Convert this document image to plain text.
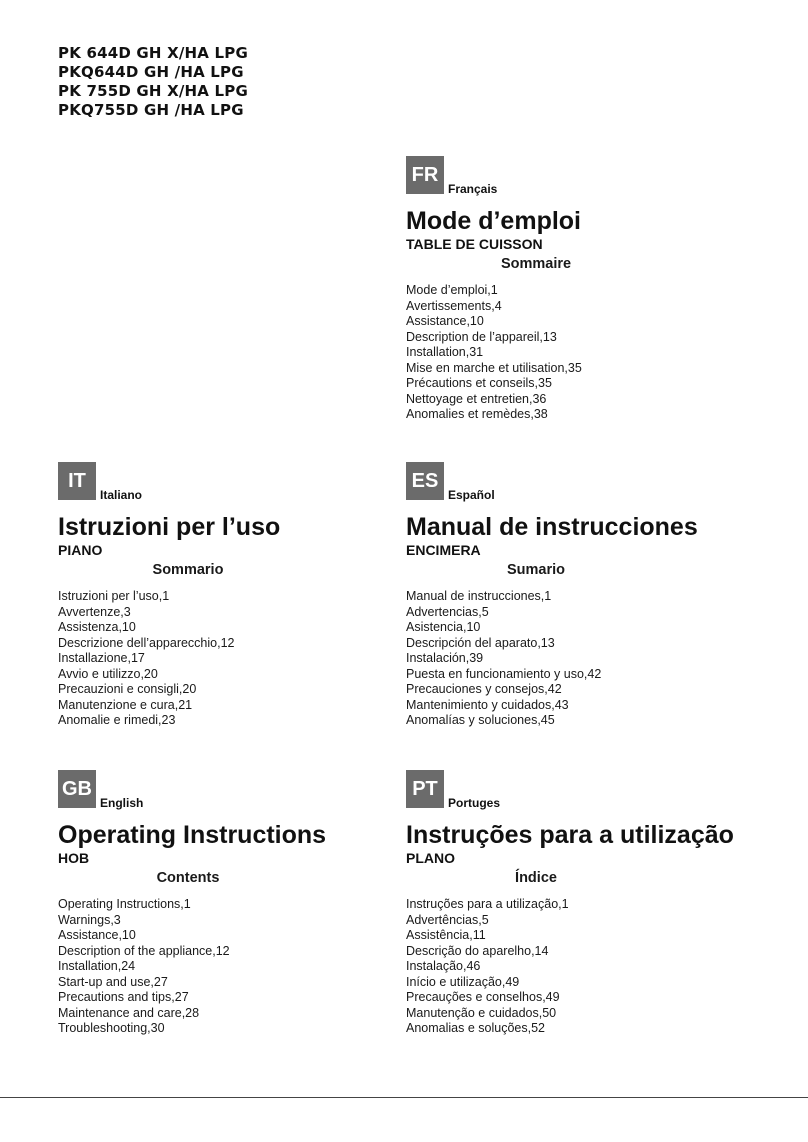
PK 644D GH X/HA LPG
PKQ644D GH /HA LPG
PK 755D GH X/HA LPG
PKQ755D GH /HA LPG
FR
Français
Mode d’emploi
TABLE DE CUISSON
Sommaire
Mode d’emploi,1
Avertissements,4
Assistance,10
Description de l’appareil,13
Installation,31
Mise en marche et utilisation,35
Précautions et conseils,35
Nettoyage et entretien,36
Anomalies et remèdes,38
IT
Italiano
Istruzioni per l’uso
PIANO
Sommario
Istruzioni per l’uso,1
Avvertenze,3
Assistenza,10
Descrizione dell’apparecchio,12
Installazione,17
Avvio e utilizzo,20
Precauzioni e consigli,20
Manutenzione e cura,21
Anomalie e rimedi,23
ES
Español
Manual de instrucciones
ENCIMERA
Sumario
Manual de instrucciones,1
Advertencias,5
Asistencia,10
Descripción del aparato,13
Instalación,39
Puesta en funcionamiento y uso,42
Precauciones y consejos,42
Mantenimiento y cuidados,43
Anomalías y soluciones,45
GB
English
Operating Instructions
HOB
Contents
Operating Instructions,1
Warnings,3
Assistance,10
Description of the appliance,12
Installation,24
Start-up and use,27
Precautions and tips,27
Maintenance and care,28
Troubleshooting,30
PT
Portuges
Instruções para a utilização
PLANO
Índice
Instruções para a utilização,1
Advertências,5
Assistência,11
Descrição do aparelho,14
Instalação,46
Início e utilização,49
Precauções e conselhos,49
Manutenção e cuidados,50
Anomalias e soluções,52
